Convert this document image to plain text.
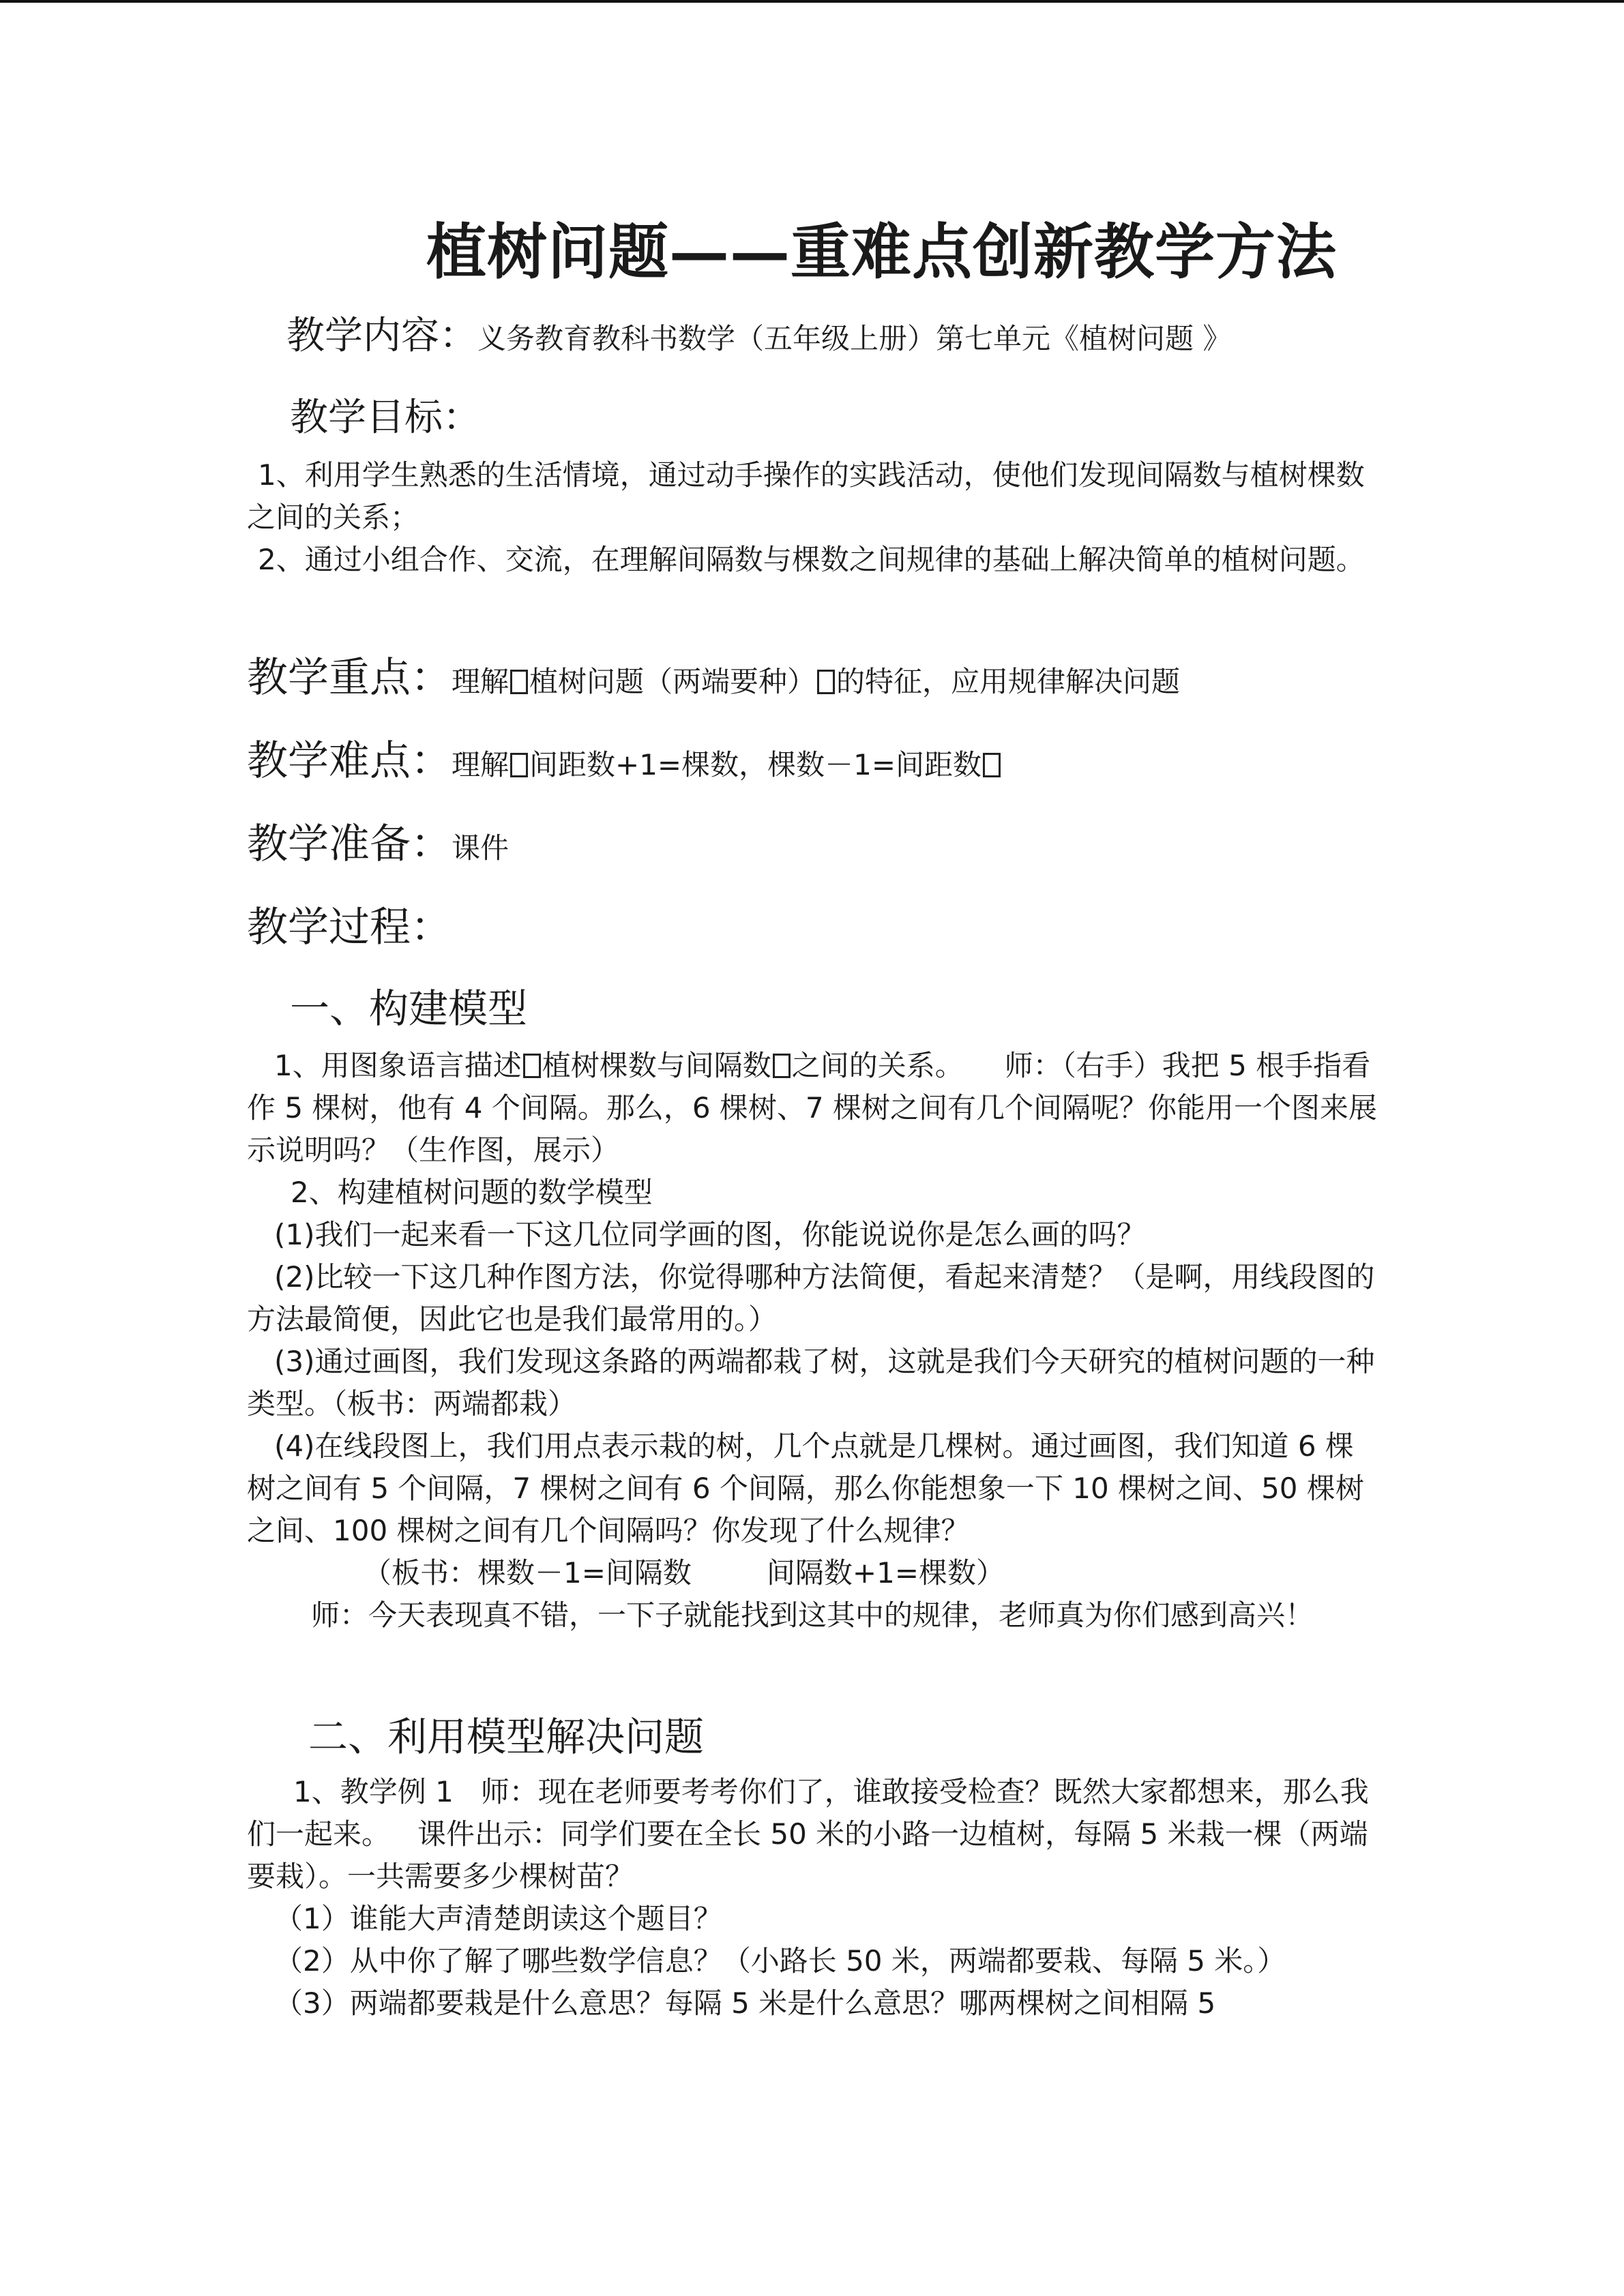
植树问题——重难点创新教学方法
教学内容：义务教育教科书数学（五年级上册）第七单元《植树问题 》
教学目标：

1、利用学生熟悉的生活情境，通过动手操作的实践活动，使他们发现间隔数与植树棵数之间的关系；

2、通过小组合作、交流，在理解间隔数与棵数之间规律的基础上解决简单的植树问题。

教学重点：理解 植树问题（两端要种） 的特征，应用规律解决问题
教学难点：理解 间距数+1=棵数，棵数－1=间距数
教学准备：课件
教学过程：
一、构建模型

1、用图象语言描述 植树棵数与间隔数 之间的关系。 师：（右手）我把 5 根手指看作 5 棵树，他有 4 个间隔。那么，6 棵树、7 棵树之间有几个间隔呢？你能用一个图来展示说明吗？（生作图，展示）

2、构建植树问题的数学模型

(1)我们一起来看一下这几位同学画的图，你能说说你是怎么画的吗？

(2)比较一下这几种作图方法，你觉得哪种方法简便，看起来清楚？（是啊，用线段图的方法最简便，因此它也是我们最常用的。）

(3)通过画图，我们发现这条路的两端都栽了树，这就是我们今天研究的植树问题的一种类型。（板书：两端都栽）

(4)在线段图上，我们用点表示栽的树，几个点就是几棵树。通过画图，我们知道 6 棵树之间有 5 个间隔，7 棵树之间有 6 个间隔，那么你能想象一下 10 棵树之间、50 棵树之间、100 棵树之间有几个间隔吗？你发现了什么规律？

（板书：棵数－1=间隔数	间隔数+1=棵数）

师：今天表现真不错，一下子就能找到这其中的规律，老师真为你们感到高兴！

二、利用模型解决问题

1、教学例 1 师：现在老师要考考你们了，谁敢接受检查？既然大家都想来，那么我们一起来。 课件出示：同学们要在全长 50 米的小路一边植树，每隔 5 米栽一棵（两端要栽）。一共需要多少棵树苗？

（1）谁能大声清楚朗读这个题目？

（2）从中你了解了哪些数学信息？（小路长 50 米，两端都要栽、每隔 5 米。）

（3）两端都要栽是什么意思？每隔 5 米是什么意思？哪两棵树之间相隔 5
